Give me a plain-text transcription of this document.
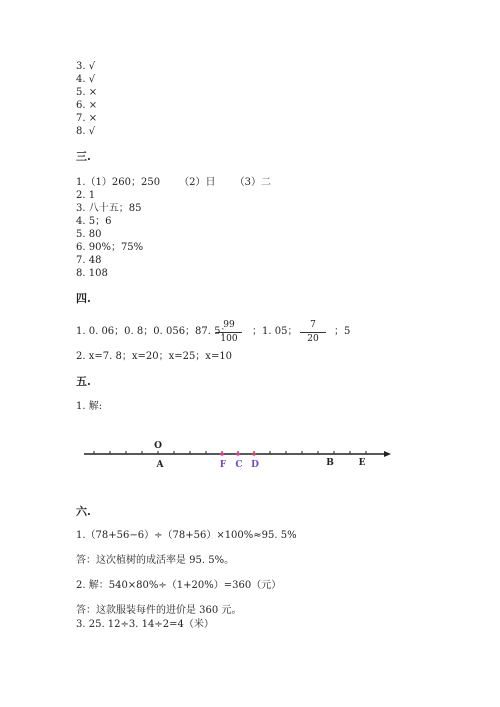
3. √
4. √
5. ×
6. ×
7. ×
8. √
三.
1.（1）260；250      （2）日      （3）二
2. 1
3. 八十五；85
4. 5；6
5. 80
6. 90%；75%
7. 48
8. 108
四.
1. 0. 06；0. 8；0. 056；87. 5；
99
100
；1. 05；
7
20
；5
2. x=7. 8；x=20；x=25；x=10
五.
1. 解:
O
A	F C D	B	E
六.
1.（78+56−6）÷（78+56）×100%≈95. 5%
答：这次植树的成活率是 95. 5%。
2. 解：540×80%÷（1+20%）=360（元）
答：这款服装每件的进价是 360 元。
3. 25. 12÷3. 14÷2=4（米）
